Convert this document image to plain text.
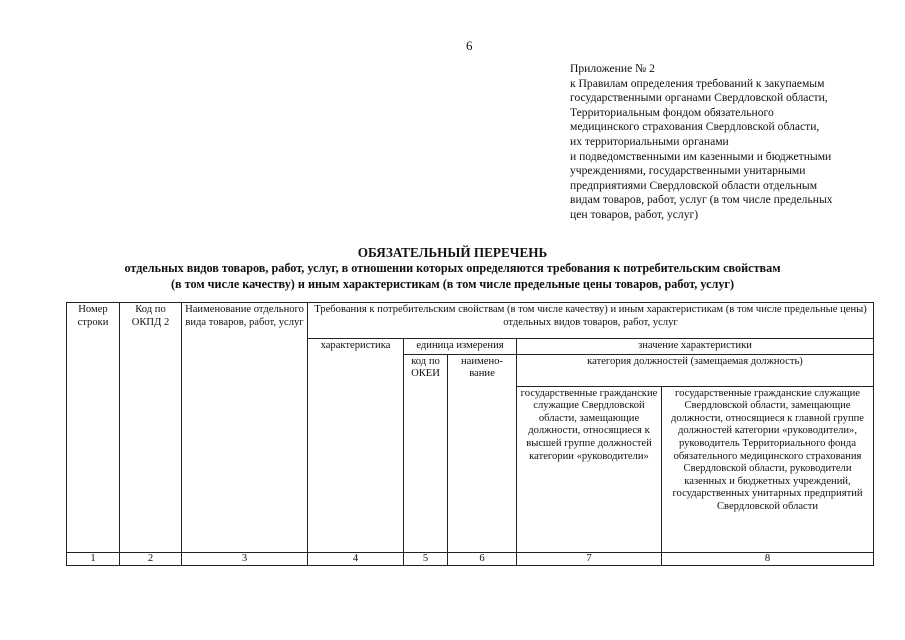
6
Приложение № 2
к Правилам определения требований к закупаемым
государственными органами Свердловской области,
Территориальным фондом обязательного
медицинского страхования Свердловской области,
их территориальными органами
и подведомственными им казенными и бюджетными
учреждениями, государственными унитарными
предприятиями Свердловской области отдельным
видам товаров, работ, услуг (в том числе предельных
цен товаров, работ, услуг)
ОБЯЗАТЕЛЬНЫЙ ПЕРЕЧЕНЬ
отдельных видов товаров, работ, услуг, в отношении которых определяются требования к потребительским свойствам
(в том числе качеству) и иным характеристикам (в том числе предельные цены товаров, работ, услуг)
Номер строки	Код по ОКПД 2	Наименование отдельного вида товаров, работ, услуг	Требования к потребительским свойствам (в том числе качеству) и иным характеристикам (в том числе предельные цены) отдельных видов товаров, работ, услуг				
			характеристика	единица измерения		значение характеристики	
				код по ОКЕИ	наимено-вание	категория должностей (замещаемая должность)	
						государственные гражданские служащие Свердловской области, замещающие должности, относящиеся к высшей группе должностей категории «руководители»	государственные гражданские служащие Свердловской области, замещающие должности, относящиеся к главной группе должностей категории «руководители», руководитель Территориального фонда обязательного медицинского страхования Свердловской области, руководители казенных и бюджетных учреждений, государственных унитарных предприятий Свердловской области
1	2	3	4	5	6	7	8
